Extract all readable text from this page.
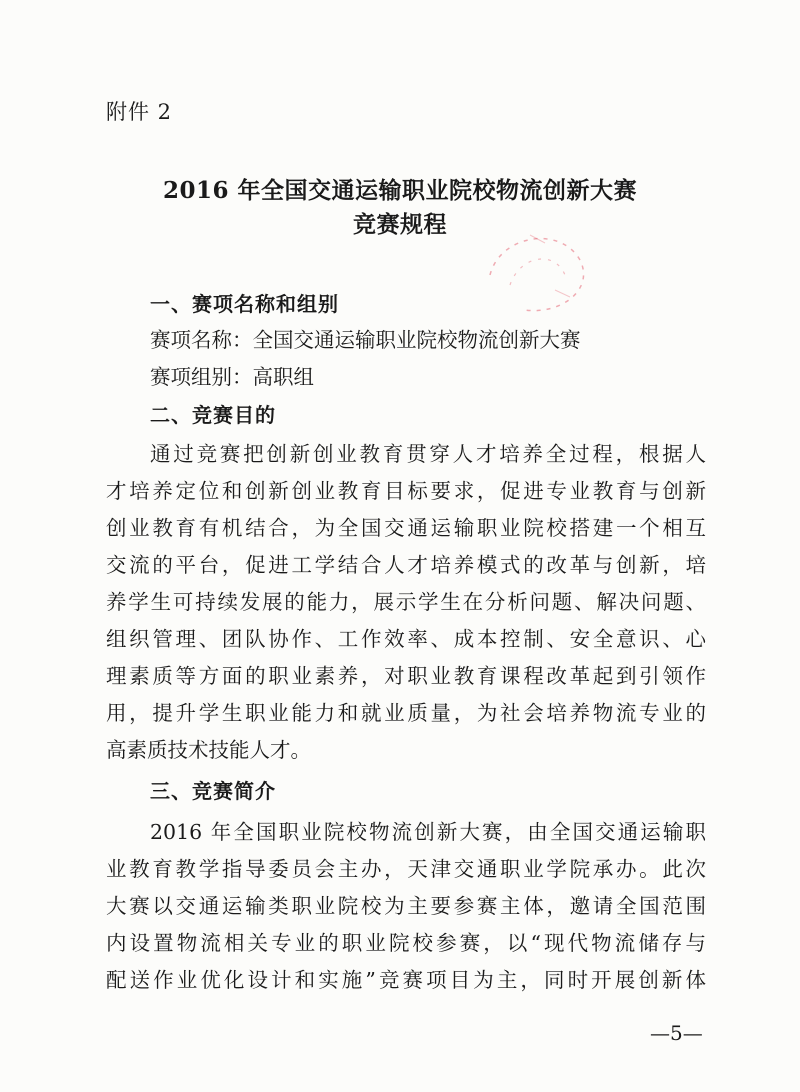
附件 2
2016 年全国交通运输职业院校物流创新大赛
竞赛规程
一、赛项名称和组别
赛项名称：全国交通运输职业院校物流创新大赛
赛项组别：高职组
二、竞赛目的
通过竞赛把创新创业教育贯穿人才培养全过程，根据人
才培养定位和创新创业教育目标要求，促进专业教育与创新
创业教育有机结合，为全国交通运输职业院校搭建一个相互
交流的平台，促进工学结合人才培养模式的改革与创新，培
养学生可持续发展的能力，展示学生在分析问题、解决问题、
组织管理、团队协作、工作效率、成本控制、安全意识、心
理素质等方面的职业素养，对职业教育课程改革起到引领作
用，提升学生职业能力和就业质量，为社会培养物流专业的
高素质技术技能人才。
三、竞赛简介
2016 年全国职业院校物流创新大赛，由全国交通运输职
业教育教学指导委员会主办，天津交通职业学院承办。此次
大赛以交通运输类职业院校为主要参赛主体，邀请全国范围
内设置物流相关专业的职业院校参赛，以“现代物流储存与
配送作业优化设计和实施”竞赛项目为主，同时开展创新体
—5—
